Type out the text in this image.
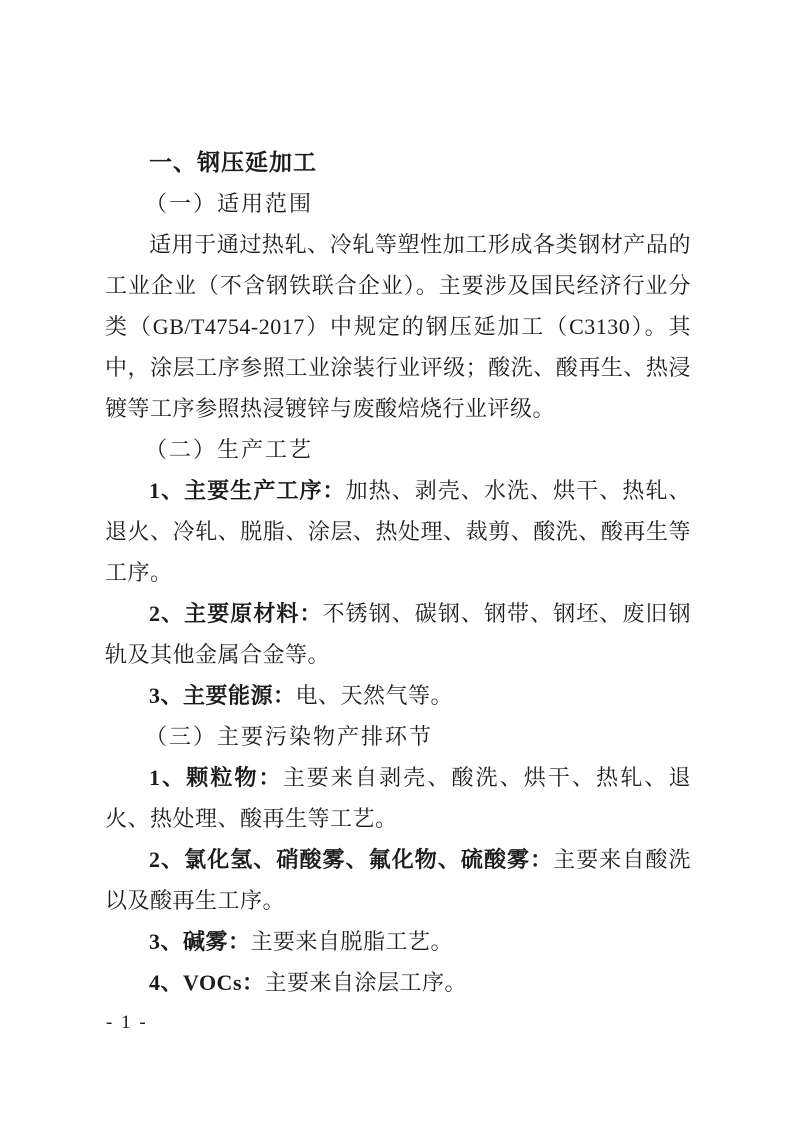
一、钢压延加工

（一）适用范围

适用于通过热轧、冷轧等塑性加工形成各类钢材产品的工业企业（不含钢铁联合企业）。主要涉及国民经济行业分类（GB/T4754-2017）中规定的钢压延加工（C3130）。其中，涂层工序参照工业涂装行业评级；酸洗、酸再生、热浸镀等工序参照热浸镀锌与废酸焙烧行业评级。

（二）生产工艺

1、主要生产工序：加热、剥壳、水洗、烘干、热轧、退火、冷轧、脱脂、涂层、热处理、裁剪、酸洗、酸再生等工序。

2、主要原材料：不锈钢、碳钢、钢带、钢坯、废旧钢轨及其他金属合金等。

3、主要能源：电、天然气等。

（三）主要污染物产排环节

1、颗粒物：主要来自剥壳、酸洗、烘干、热轧、退火、热处理、酸再生等工艺。

2、氯化氢、硝酸雾、氟化物、硫酸雾：主要来自酸洗以及酸再生工序。

3、碱雾：主要来自脱脂工艺。

4、VOCs：主要来自涂层工序。

- 1 -
